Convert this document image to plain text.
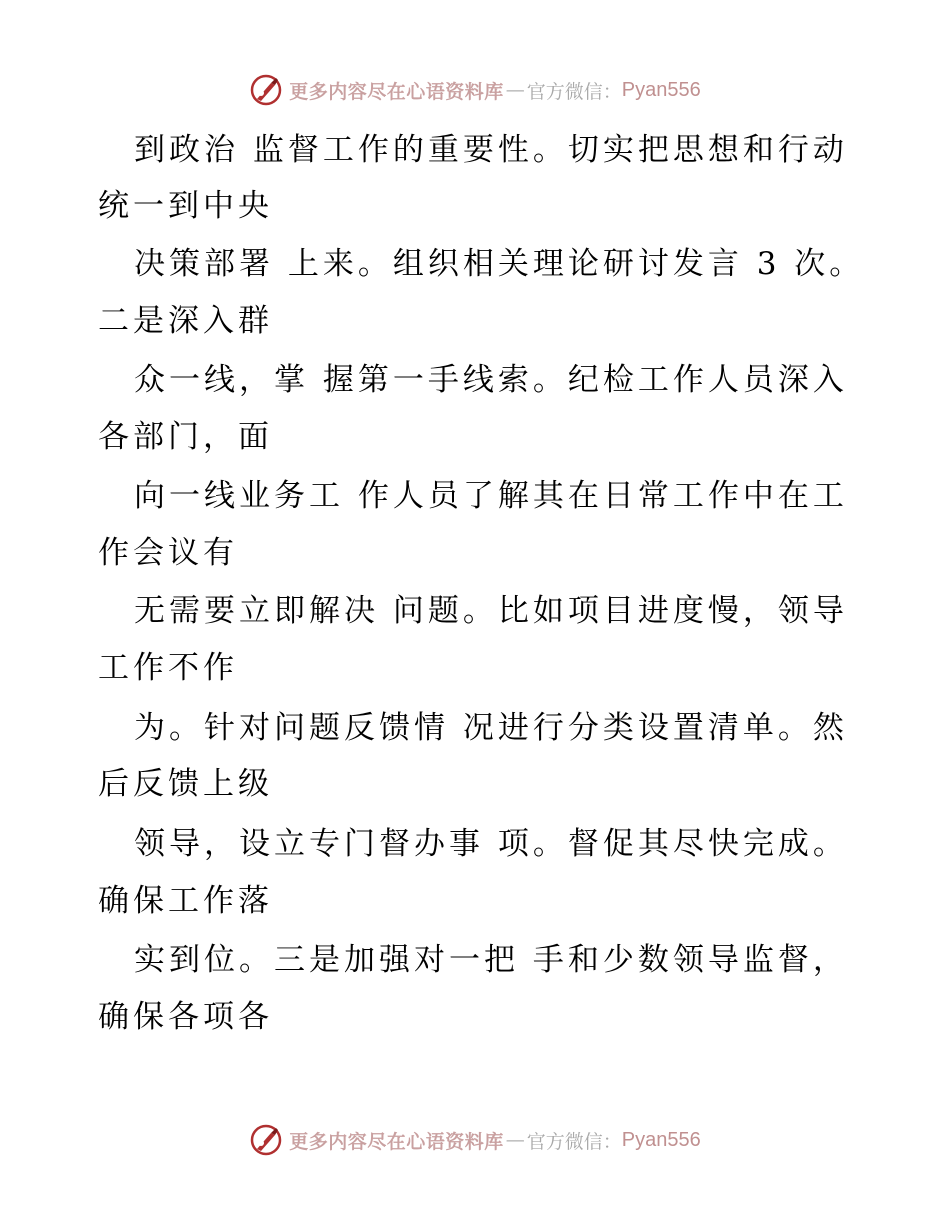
更多内容尽在心语资料库 — 官方微信： Pyan556
到政治 监督工作的重要性。切实把思想和行动
统一到中央
决策部署 上来。组织相关理论研讨发言 3 次。
二是深入群
众一线，掌 握第一手线索。纪检工作人员深入
各部门，面
向一线业务工 作人员了解其在日常工作中在工
作会议有
无需要立即解决 问题。比如项目进度慢，领导
工作不作
为。针对问题反馈情 况进行分类设置清单。然
后反馈上级
领导，设立专门督办事 项。督促其尽快完成。
确保工作落
实到位。三是加强对一把 手和少数领导监督，
确保各项各
更多内容尽在心语资料库 — 官方微信： Pyan556
